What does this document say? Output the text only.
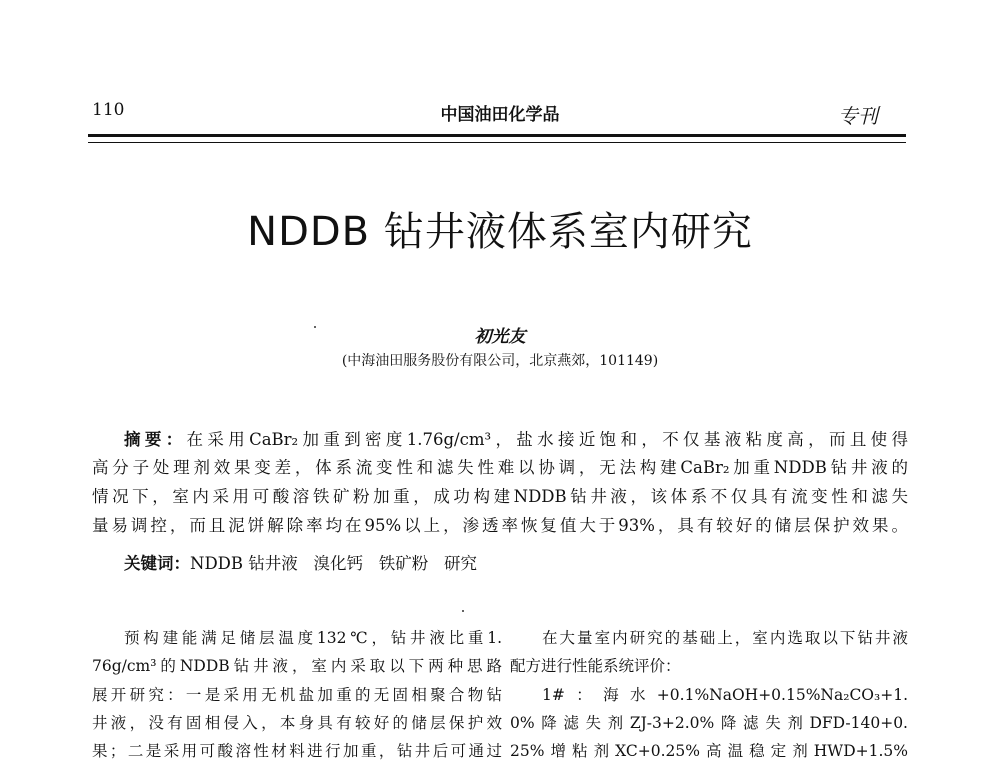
110	中国油田化学品	专刊
NDDB 钻井液体系室内研究
初光友
(中海油田服务股份有限公司，北京燕郊，101149)
摘要：在采用CaBr₂加重到密度1.76g/cm³，盐水接近饱和，不仅基液粘度高，而且使得
高分子处理剂效果变差，体系流变性和滤失性难以协调，无法构建CaBr₂加重NDDB钻井液的
情况下，室内采用可酸溶铁矿粉加重，成功构建NDDB钻井液，该体系不仅具有流变性和滤失
量易调控，而且泥饼解除率均在95%以上，渗透率恢复值大于93%，具有较好的储层保护效果。
关键词：NDDB 钻井液 溴化钙 铁矿粉 研究
预构建能满足储层温度132℃，钻井液比重1.
76g/cm³的NDDB钻井液，室内采取以下两种思路
展开研究：一是采用无机盐加重的无固相聚合物钻
井液，没有固相侵入，本身具有较好的储层保护效
果；二是采用可酸溶性材料进行加重，钻井后可通过
在大量室内研究的基础上，室内选取以下钻井液
配方进行性能系统评价：
1#：海水+0.1%NaOH+0.15%Na₂CO₃+1.
0%降滤失剂ZJ-3+2.0%降滤失剂DFD-140+0.
25%增粘剂XC+0.25%高温稳定剂HWD+1.5%
